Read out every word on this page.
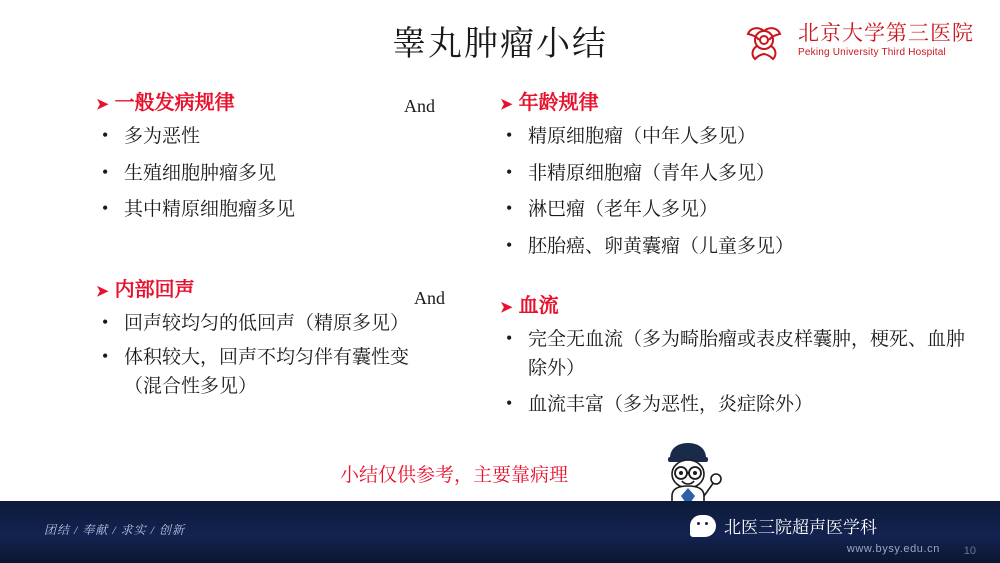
睾丸肿瘤小结	北京大学第三医院
Peking University Third Hospital
➤ 一般发病规律
• 多为恶性
• 生殖细胞肿瘤多见
• 其中精原细胞瘤多见
➤ 内部回声
• 回声较均匀的低回声（精原多见）
• 体积较大，回声不均匀伴有囊性变（混合性多见）
➤ 年龄规律
• 精原细胞瘤（中年人多见）
• 非精原细胞瘤（青年人多见）
• 淋巴瘤（老年人多见）
• 胚胎癌、卵黄囊瘤（儿童多见）
➤ 血流
• 完全无血流（多为畸胎瘤或表皮样囊肿，梗死、血肿除外）
• 血流丰富（多为恶性，炎症除外）
And
And
小结仅供参考，主要靠病理
团结 / 奉献 / 求实 / 创新	北医三院超声医学科
www.bysy.edu.cn 10
